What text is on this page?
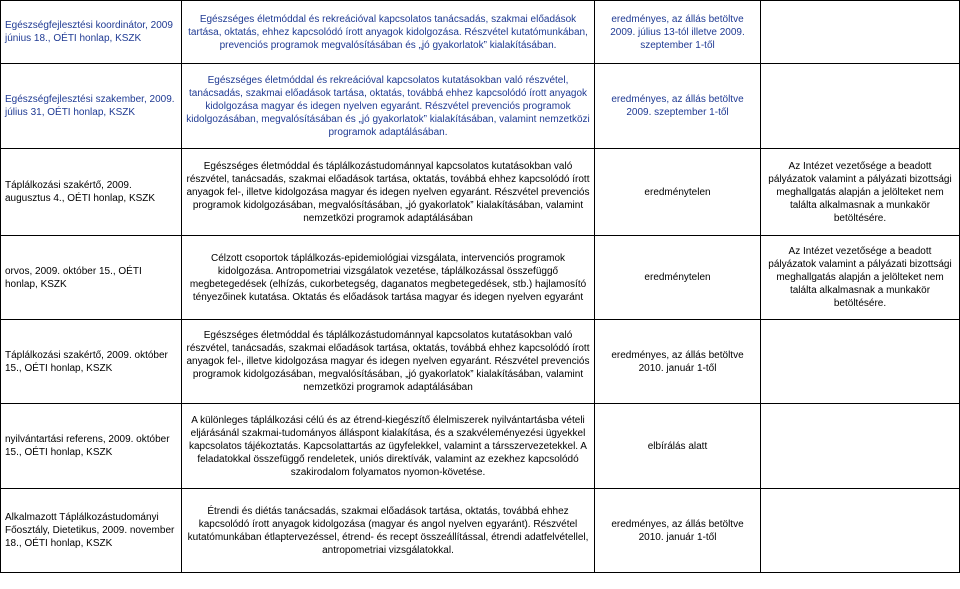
Egészségfejlesztési koordinátor, 2009 június 18., OÉTI honlap, KSZK	Egészséges életmóddal és rekreációval kapcsolatos tanácsadás, szakmai előadások tartása, oktatás, ehhez kapcsolódó írott anyagok kidolgozása. Részvétel kutatómunkában, prevenciós programok megvalósításában és „jó gyakorlatok” kialakításában.	eredményes, az állás betöltve 2009. július 13-tól illetve 2009. szeptember 1-től	
Egészségfejlesztési szakember, 2009. július 31, OÉTI honlap, KSZK	Egészséges életmóddal és rekreációval kapcsolatos kutatásokban való részvétel, tanácsadás, szakmai előadások tartása, oktatás, továbbá ehhez kapcsolódó írott anyagok kidolgozása magyar és idegen nyelven egyaránt. Részvétel prevenciós programok kidolgozásában, megvalósításában és „jó gyakorlatok” kialakításában, valamint nemzetközi programok adaptálásában.	eredményes, az állás betöltve 2009. szeptember 1-től	
Táplálkozási szakértő, 2009. augusztus 4., OÉTI honlap, KSZK	Egészséges életmóddal és táplálkozástudománnyal kapcsolatos kutatásokban való részvétel, tanácsadás, szakmai előadások tartása, oktatás, továbbá ehhez kapcsolódó írott anyagok fel-, illetve kidolgozása magyar és idegen nyelven egyaránt. Részvétel prevenciós programok kidolgozásában, megvalósításában, „jó gyakorlatok” kialakításában, valamint nemzetközi programok adaptálásában	eredménytelen	Az Intézet vezetősége a beadott pályázatok valamint a pályázati bizottsági meghallgatás alapján a jelölteket nem találta alkalmasnak a munkakör betöltésére.
orvos, 2009. október 15., OÉTI honlap, KSZK	Célzott csoportok táplálkozás-epidemiológiai vizsgálata, intervenciós programok kidolgozása. Antropometriai vizsgálatok vezetése, táplálkozással összefüggő megbetegedések (elhízás, cukorbetegség, daganatos megbetegedések, stb.) hajlamosító tényezőinek kutatása. Oktatás és előadások tartása magyar és idegen nyelven egyaránt	eredménytelen	Az Intézet vezetősége a beadott pályázatok valamint a pályázati bizottsági meghallgatás alapján a jelölteket nem találta alkalmasnak a munkakör betöltésére.
Táplálkozási szakértő, 2009. október 15., OÉTI honlap, KSZK	Egészséges életmóddal és táplálkozástudománnyal kapcsolatos kutatásokban való részvétel, tanácsadás, szakmai előadások tartása, oktatás, továbbá ehhez kapcsolódó írott anyagok fel-, illetve kidolgozása magyar és idegen nyelven egyaránt. Részvétel prevenciós programok kidolgozásában, megvalósításában, „jó gyakorlatok” kialakításában, valamint nemzetközi programok adaptálásában	eredményes, az állás betöltve 2010. január 1-től	
nyilvántartási referens, 2009. október 15., OÉTI honlap, KSZK	A különleges táplálkozási célú és az étrend-kiegészítő élelmiszerek nyilvántartásba vételi eljárásánál szakmai-tudományos álláspont kialakítása, és a szakvéleményezési ügyekkel kapcsolatos tájékoztatás. Kapcsolattartás az ügyfelekkel, valamint a társszervezetekkel. A feladatokkal összefüggő rendeletek, uniós direktívák, valamint az ezekhez kapcsolódó szakirodalom folyamatos nyomon-követése.	elbírálás alatt	
Alkalmazott Táplálkozástudományi Főosztály, Dietetikus, 2009. november 18., OÉTI honlap, KSZK	Étrendi és diétás tanácsadás, szakmai előadások tartása, oktatás, továbbá ehhez kapcsolódó írott anyagok kidolgozása (magyar és angol nyelven egyaránt). Részvétel kutatómunkában étlaptervezéssel, étrend- és recept összeállítással, étrendi adatfelvétellel, antropometriai vizsgálatokkal.	eredményes, az állás betöltve 2010. január 1-től	
